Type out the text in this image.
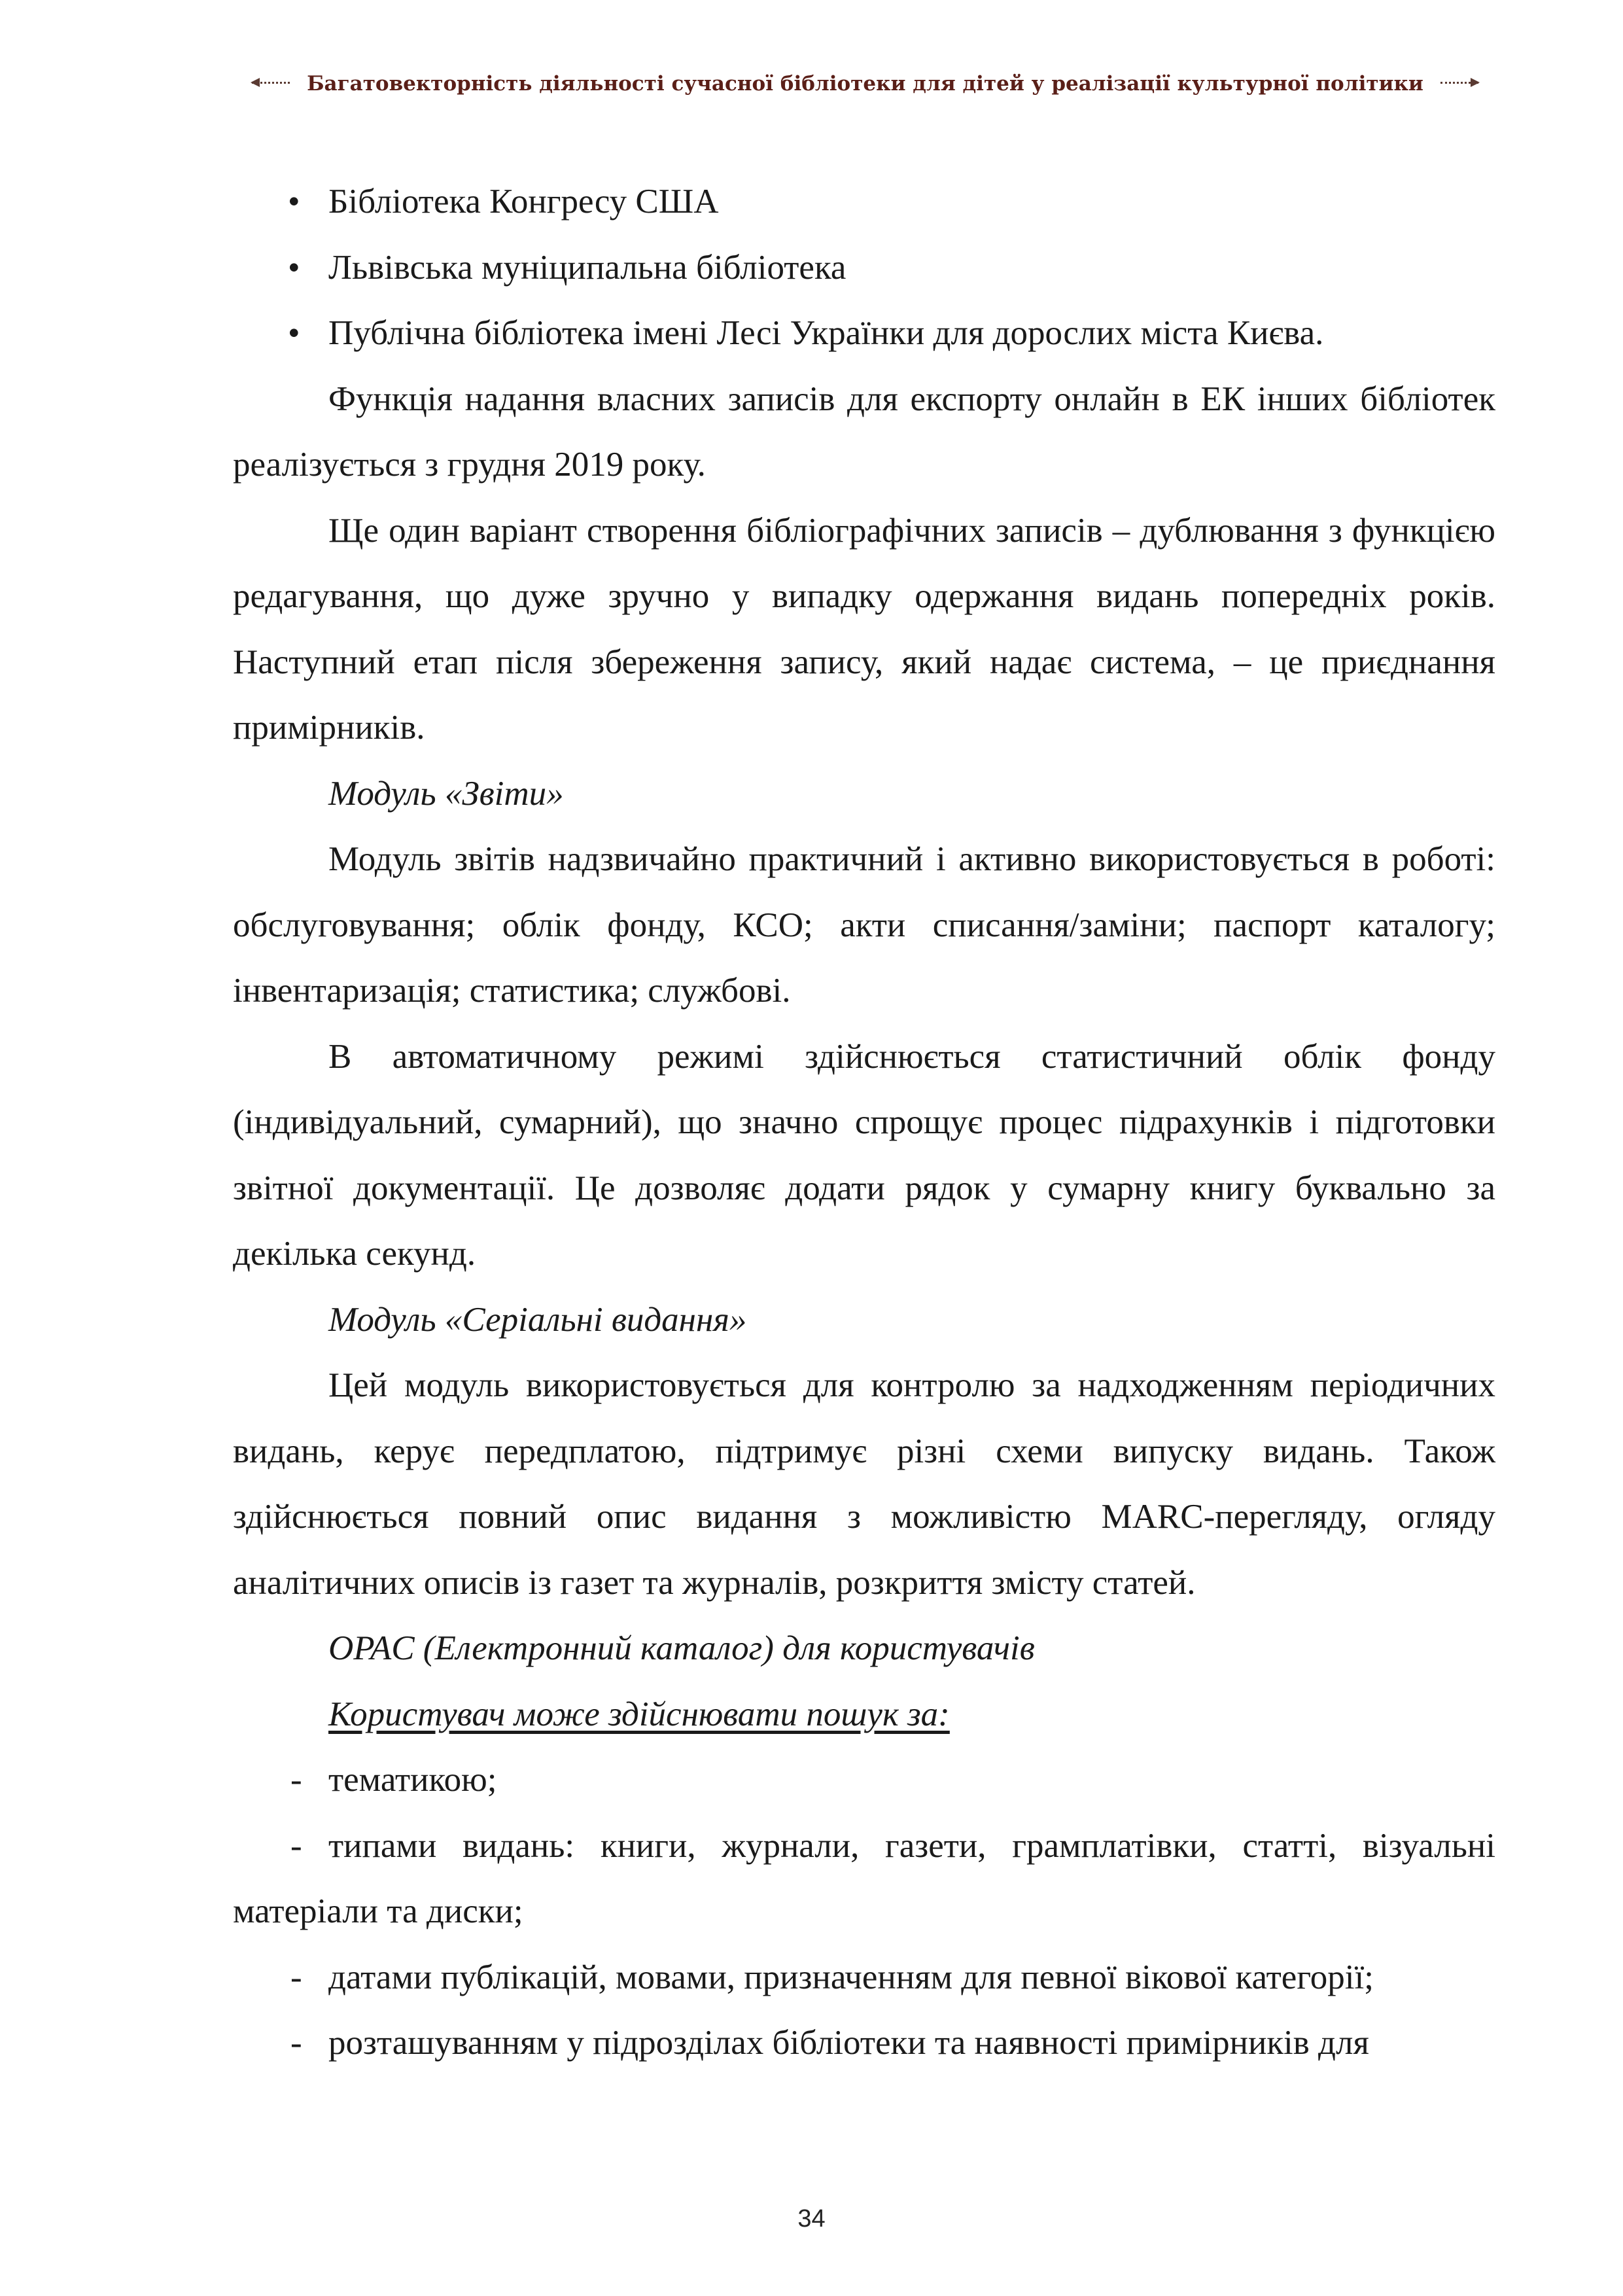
Багатовекторність діяльності сучасної бібліотеки для дітей у реалізації культурної політики

• Бібліотека Конгресу США

• Львівська муніципальна бібліотека

• Публічна бібліотека імені Лесі Українки для дорослих міста Києва.

Функція надання власних записів для експорту онлайн в ЕК інших бібліотек реалізується з грудня 2019 року.

Ще один варіант створення бібліографічних записів – дублювання з функцією редагування, що дуже зручно у випадку одержання видань попередніх років. Наступний етап після збереження запису, який надає система, – це приєднання примірників.

Модуль «Звіти»

Модуль звітів надзвичайно практичний і активно використовується в роботі: обслуговування; облік фонду, КСО; акти списання/заміни; паспорт каталогу; інвентаризація; статистика; службові.

В автоматичному режимі здійснюється статистичний облік фонду (індивідуальний, сумарний), що значно спрощує процес підрахунків і підготовки звітної документації. Це дозволяє додати рядок у сумарну книгу буквально за декілька секунд.

Модуль «Серіальні видання»

Цей модуль використовується для контролю за надходженням періодичних видань, керує передплатою, підтримує різні схеми випуску видань. Також здійснюється повний опис видання з можливістю MARC-перегляду, огляду аналітичних описів із газет та журналів, розкриття змісту статей.

OPAC (Електронний каталог) для користувачів

Користувач може здійснювати пошук за:

- тематикою;

- типами видань: книги, журнали, газети, грамплатівки, статті, візуальні матеріали та диски;

- датами публікацій, мовами, призначенням для певної вікової категорії;

- розташуванням у підрозділах бібліотеки та наявності примірників для

34
